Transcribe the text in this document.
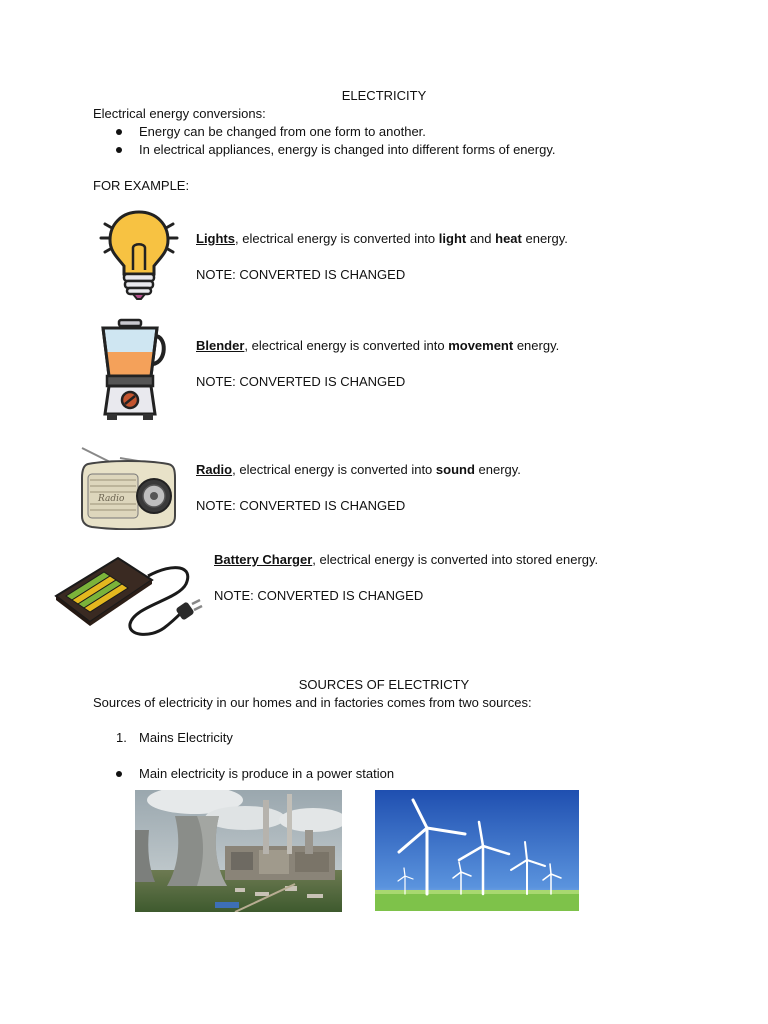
ELECTRICITY
Electrical energy conversions:
Energy can be changed from one form to another.
In electrical appliances, energy is changed into different forms of energy.
FOR EXAMPLE:
Lights, electrical energy is converted into light and heat energy.
NOTE: CONVERTED IS CHANGED
Blender, electrical energy is converted into movement energy.
NOTE: CONVERTED IS CHANGED
Radio
Radio, electrical energy is converted into sound energy.
NOTE: CONVERTED IS CHANGED
Battery Charger, electrical energy is converted into stored energy.
NOTE: CONVERTED IS CHANGED
SOURCES OF ELECTRICTY
Sources of electricity in our homes and in factories comes from two sources:
1. Mains Electricity
Main electricity is produce in a power station
